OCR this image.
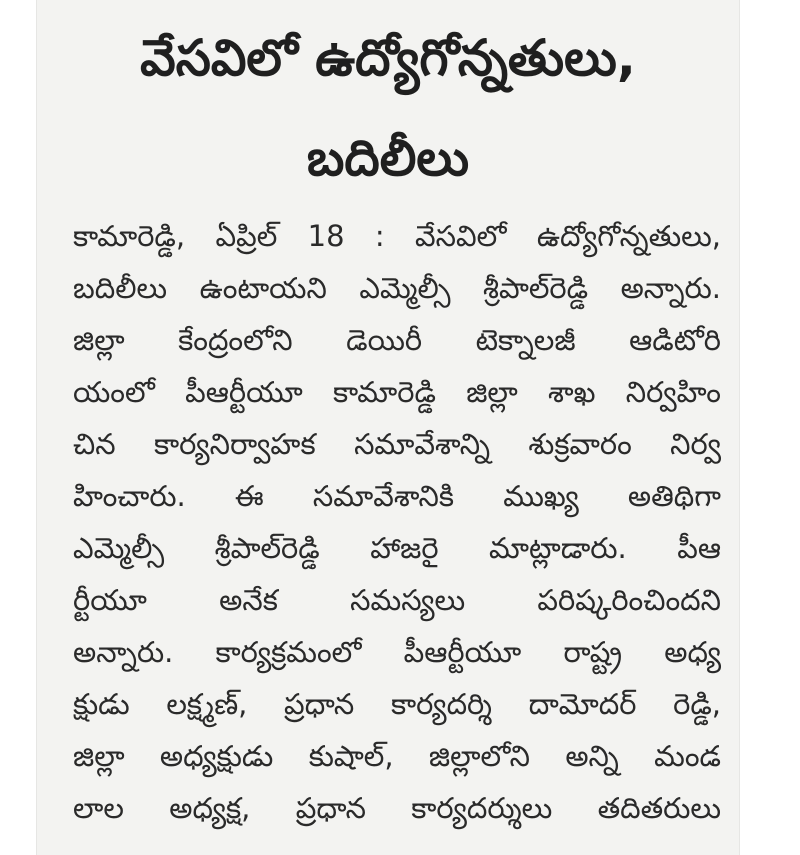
వేసవిలో ఉద్యోగోన్నతులు,
బదిలీలు
కామారెడ్డి, ఏప్రిల్ 18 : వేసవిలో ఉద్యోగోన్నతులు,
బదిలీలు ఉంటాయని ఎమ్మెల్సీ శ్రీపాల్‌రెడ్డి అన్నారు.
జిల్లా కేంద్రంలోని డెయిరీ టెక్నాలజీ ఆడిటోరి
యంలో పీఆర్టీయూ కామారెడ్డి జిల్లా శాఖ నిర్వహిం
చిన కార్యనిర్వాహక సమావేశాన్ని శుక్రవారం నిర్వ
హించారు. ఈ సమావేశానికి ముఖ్య అతిథిగా
ఎమ్మెల్సీ శ్రీపాల్‌రెడ్డి హాజరై మాట్లాడారు. పీఆ
ర్టీయూ అనేక సమస్యలు పరిష్కరించిందని
అన్నారు. కార్యక్రమంలో పీఆర్టీయూ రాష్ట్ర అధ్య
క్షుడు లక్ష్మణ్, ప్రధాన కార్యదర్శి దామోదర్ రెడ్డి,
జిల్లా అధ్యక్షుడు కుషాల్, జిల్లాలోని అన్ని మండ
లాల అధ్యక్ష, ప్రధాన కార్యదర్శులు తదితరులు
